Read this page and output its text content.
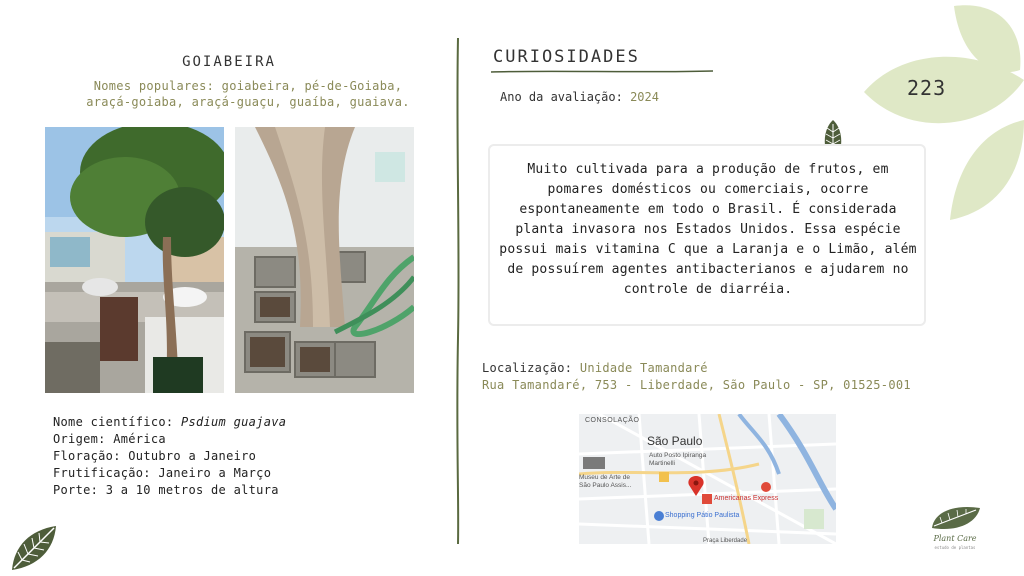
GOIABEIRA
Nomes populares: goiabeira, pé-de-Goiaba, araçá-goiaba, araçá-guaçu, guaíba, guaiava.
Nome científico: Psdium guajava
Origem: América
Floração: Outubro a Janeiro
Frutificação: Janeiro a Março
Porte: 3 a 10 metros de altura
CURIOSIDADES
Ano da avaliação: 2024
Muito cultivada para a produção de frutos, em pomares domésticos ou comerciais, ocorre espontaneamente em todo o Brasil. É considerada planta invasora nos Estados Unidos. Essa espécie possui mais vitamina C que a Laranja e o Limão, além de possuírem agentes antibacterianos e ajudarem no controle de diarréia.
Localização: Unidade Tamandaré
Rua Tamandaré, 753 - Liberdade, São Paulo - SP, 01525-001
CONSOLAÇÃO
São Paulo
Auto Posto Ipiranga Martinelli
Museu de Arte de São Paulo Assis...
Americanas Express
Shopping Pátio Paulista
Praça Liberdade
223
Plant Care
estudo de plantas
